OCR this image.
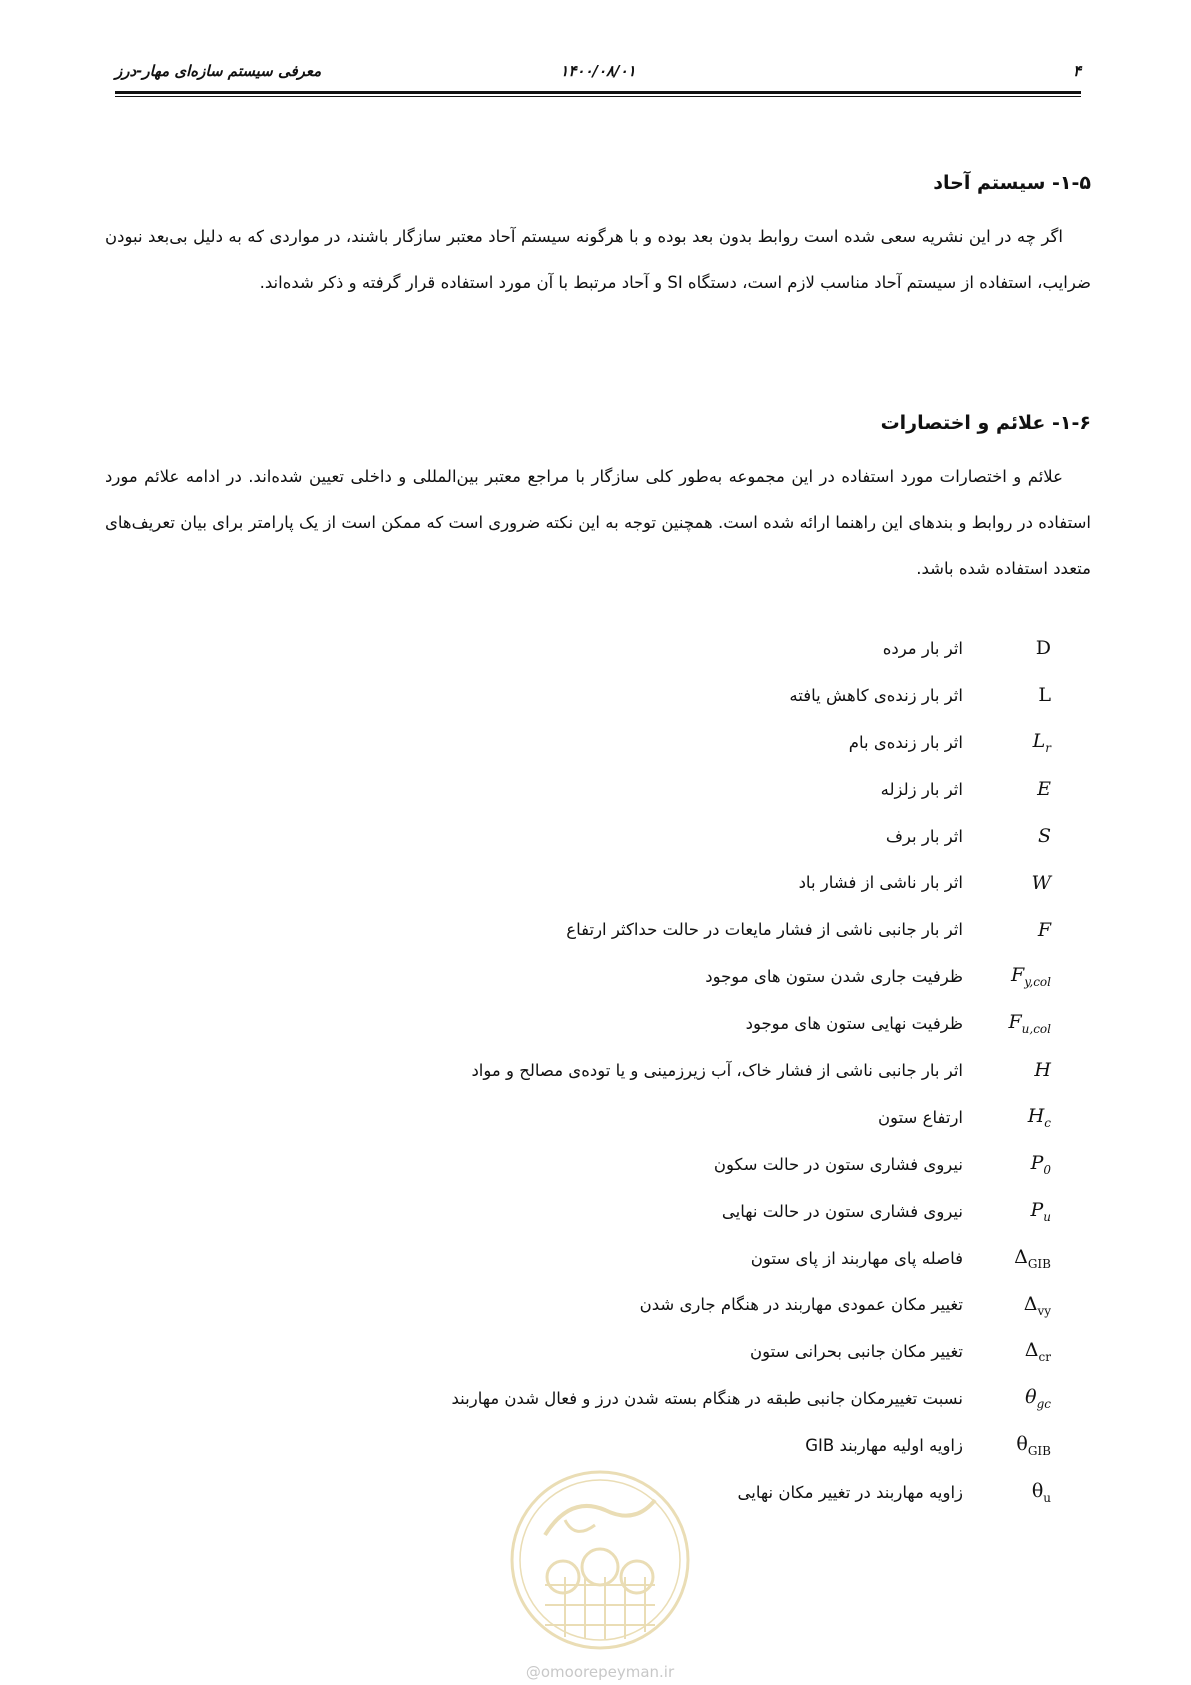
۴
۱۴۰۰/۰۸/۰۱
معرفی سیستم سازه‌ای مهار-درز
۱-۵- سیستم آحاد

اگر چه در این نشریه سعی شده است روابط بدون بعد بوده و با هرگونه سیستم آحاد معتبر سازگار باشند، در مواردی که به دلیل بی‌بعد نبودن ضرایب، استفاده از سیستم آحاد مناسب لازم است، دستگاه SI و آحاد مرتبط با آن مورد استفاده قرار گرفته و ذکر شده‌اند.

۱-۶- علائم و اختصارات

علائم و اختصارات مورد استفاده در این مجموعه به‌طور کلی سازگار با مراجع معتبر بین‌المللی و داخلی تعیین شده‌اند. در ادامه علائم مورد استفاده در روابط و بندهای این راهنما ارائه شده است. همچنین توجه به این نکته ضروری است که ممکن است از یک پارامتر برای بیان تعریف‌های متعدد استفاده شده باشد.

D
اثر بار مرده
L
اثر بار زنده‌ی کاهش یافته
$L_r$
اثر بار زنده‌ی بام
E
اثر بار زلزله
S
اثر بار برف
W
اثر بار ناشی از فشار باد
F
اثر بار جانبی ناشی از فشار مایعات در حالت حداکثر ارتفاع
$F_{y,col}$
ظرفیت جاری شدن ستون های موجود
$F_{u,col}$
ظرفیت نهایی ستون های موجود
H
اثر بار جانبی ناشی از فشار خاک، آب زیرزمینی و یا توده‌ی مصالح و مواد
$H_c$
ارتفاع ستون
$P_0$
نیروی فشاری ستون در حالت سکون
$P_u$
نیروی فشاری ستون در حالت نهایی
$\Delta_{GIB}$
فاصله پای مهاربند از پای ستون
$\Delta_{vy}$
تغییر مکان عمودی مهاربند در هنگام جاری شدن
$\Delta_{cr}$
تغییر مکان جانبی بحرانی ستون
$\theta_{gc}$
نسبت تغییرمکان جانبی طبقه در هنگام بسته شدن درز و فعال شدن مهاربند
$\theta_{GIB}$
زاویه اولیه مهاربند GIB
$\theta_u$
زاویه مهاربند در تغییر مکان نهایی
@omoorepeyman.ir
